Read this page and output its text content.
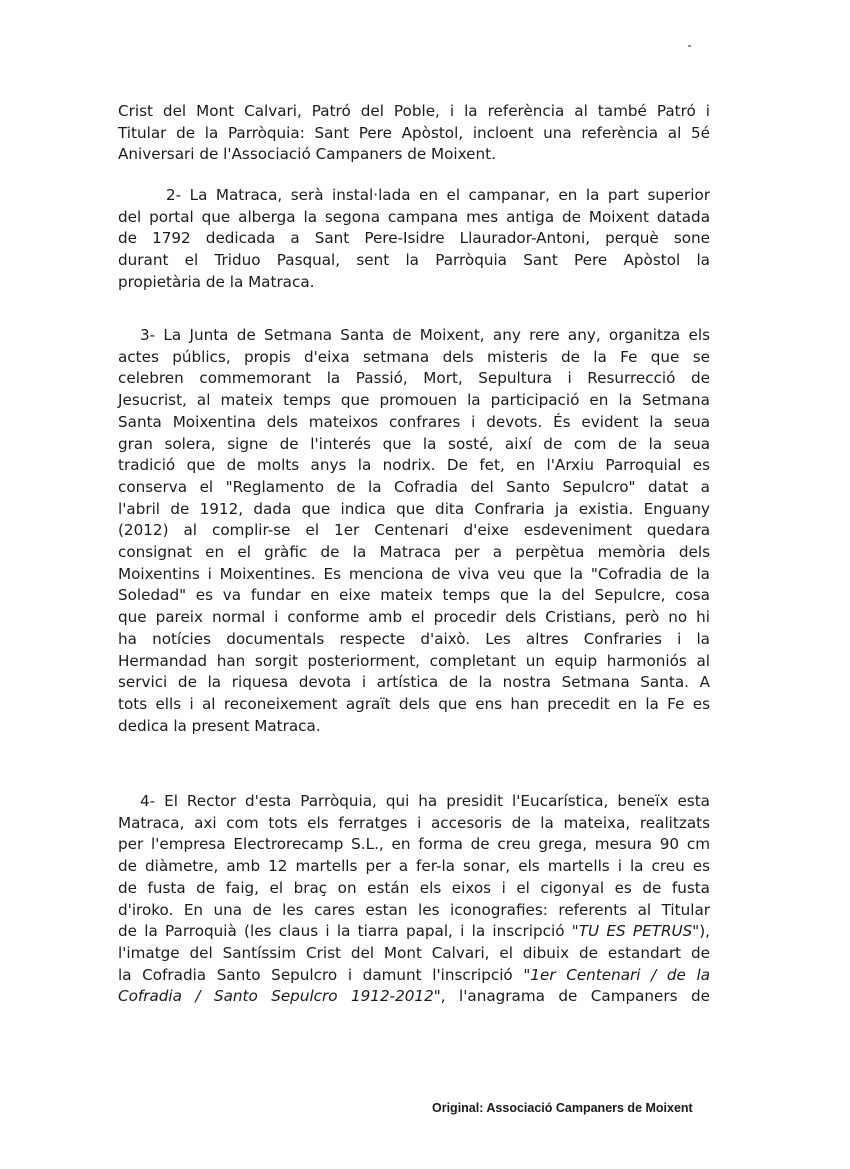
Crist del Mont Calvari, Patró del Poble, i la referència al també Patró i
Titular de la Parròquia: Sant Pere Apòstol, incloent una referència al 5é
Aniversari de l'Associació Campaners de Moixent.
2- La Matraca, serà instal·lada en el campanar, en la part superior
del portal que alberga la segona campana mes antiga de Moixent datada
de 1792 dedicada a Sant Pere-Isidre Llaurador-Antoni, perquè sone
durant el Triduo Pasqual, sent la Parròquia Sant Pere Apòstol la
propietària de la Matraca.
3- La Junta de Setmana Santa de Moixent, any rere any, organitza els
actes públics, propis d'eixa setmana dels misteris de la Fe que se
celebren commemorant la Passió, Mort, Sepultura i Resurrecció de
Jesucrist, al mateix temps que promouen la participació en la Setmana
Santa Moixentina dels mateixos confrares i devots. És evident la seua
gran solera, signe de l'interés que la sosté, així de com de la seua
tradició que de molts anys la nodrix. De fet, en l'Arxiu Parroquial es
conserva el "Reglamento de la Cofradia del Santo Sepulcro" datat a
l'abril de 1912, dada que indica que dita Confraria ja existia. Enguany
(2012) al complir-se el 1er Centenari d'eixe esdeveniment quedara
consignat en el gràfic de la Matraca per a perpètua memòria dels
Moixentins i Moixentines. Es menciona de viva veu que la "Cofradia de la
Soledad" es va fundar en eixe mateix temps que la del Sepulcre, cosa
que pareix normal i conforme amb el procedir dels Cristians, però no hi
ha notícies documentals respecte d'això. Les altres Confraries i la
Hermandad han sorgit posteriorment, completant un equip harmoniós al
servici de la riquesa devota i artística de la nostra Setmana Santa. A
tots ells i al reconeixement agraït dels que ens han precedit en la Fe es
dedica la present Matraca.
4- El Rector d'esta Parròquia, qui ha presidit l'Eucarística, beneïx esta
Matraca, axi com tots els ferratges i accesoris de la mateixa, realitzats
per l'empresa Electrorecamp S.L., en forma de creu grega, mesura 90 cm
de diàmetre, amb 12 martells per a fer-la sonar, els martells i la creu es
de fusta de faig, el braç on están els eixos i el cigonyal es de fusta
d'iroko. En una de les cares estan les iconografies: referents al Titular
de la Parroquià (les claus i la tiarra papal, i la inscripció "TU ES PETRUS"),
l'imatge del Santíssim Crist del Mont Calvari, el dibuix de estandart de
la Cofradia Santo Sepulcro i damunt l'inscripció "1er Centenari / de la
Cofradia / Santo Sepulcro 1912-2012", l'anagrama de Campaners de
Original: Associació Campaners de Moixent
